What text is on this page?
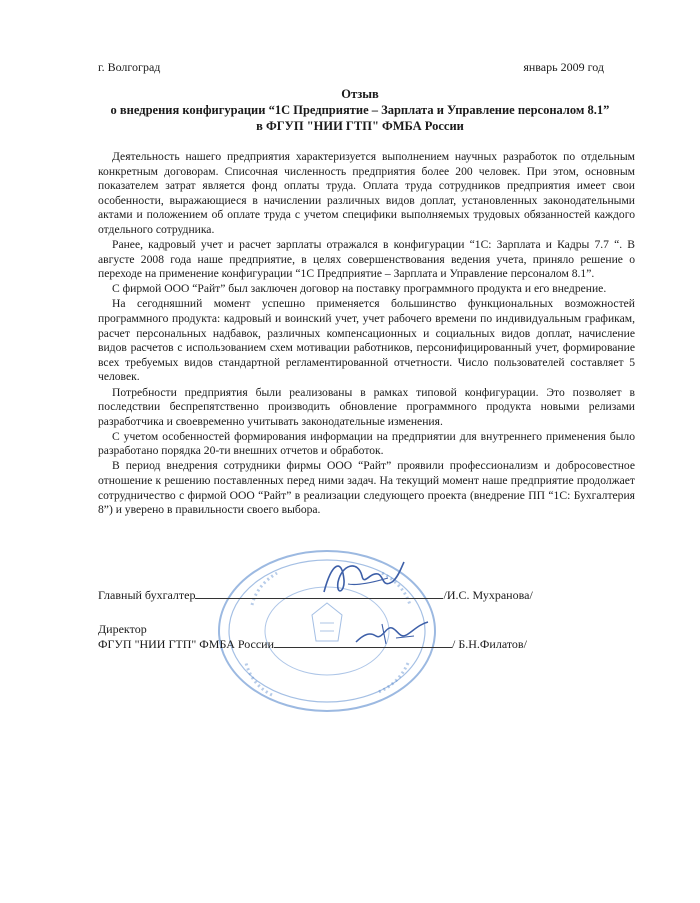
г. Волгоград	январь 2009 год
Отзыв
о внедрения конфигурации “1С Предприятие – Зарплата и Управление персоналом 8.1”
в ФГУП "НИИ ГТП" ФМБА России

Деятельность нашего предприятия характеризуется выполнением научных разработок по отдельным конкретным договорам. Списочная численность предприятия более 200 человек. При этом, основным показателем затрат является фонд оплаты труда. Оплата труда сотрудников предприятия имеет свои особенности, выражающиеся в начислении различных видов доплат, установленных законодательными актами и положением об оплате труда с учетом специфики выполняемых трудовых обязанностей каждого отдельного сотрудника.

Ранее, кадровый учет и расчет зарплаты отражался в конфигурации “1С: Зарплата и Кадры 7.7 “. В августе 2008 года наше предприятие, в целях совершенствования ведения учета, приняло решение о переходе на применение конфигурации “1С Предприятие – Зарплата и Управление персоналом 8.1”.

С фирмой ООО “Райт” был заключен договор на поставку программного продукта и его внедрение.

На сегодняшний момент успешно применяется большинство функциональных возможностей программного продукта: кадровый и воинский учет, учет рабочего времени по индивидуальным графикам, расчет персональных надбавок, различных компенсационных и социальных видов доплат, начисление видов расчетов с использованием схем мотивации работников, персонифицированный учет, формирование всех требуемых видов стандартной регламентированной отчетности. Число пользователей составляет 5 человек.

Потребности предприятия были реализованы в рамках типовой конфигурации. Это позволяет в последствии беспрепятственно производить обновление программного продукта новыми релизами разработчика и своевременно учитывать законодательные изменения.

С учетом особенностей формирования информации на предприятии для внутреннего применения было разработано порядка 20-ти внешних отчетов и обработок.

В период внедрения сотрудники фирмы ООО “Райт” проявили профессионализм и добросовестное отношение к решению поставленных перед ними задач. На текущий момент наше предприятие продолжает сотрудничество с фирмой ООО “Райт” в реализации следующего проекта (внедрение ПП “1С: Бухгалтерия 8”) и уверено в правильности своего выбора.

Главный бухгалтер	/И.С. Мухранова/
Директор
ФГУП "НИИ ГТП" ФМБА России	/ Б.Н.Филатов/
